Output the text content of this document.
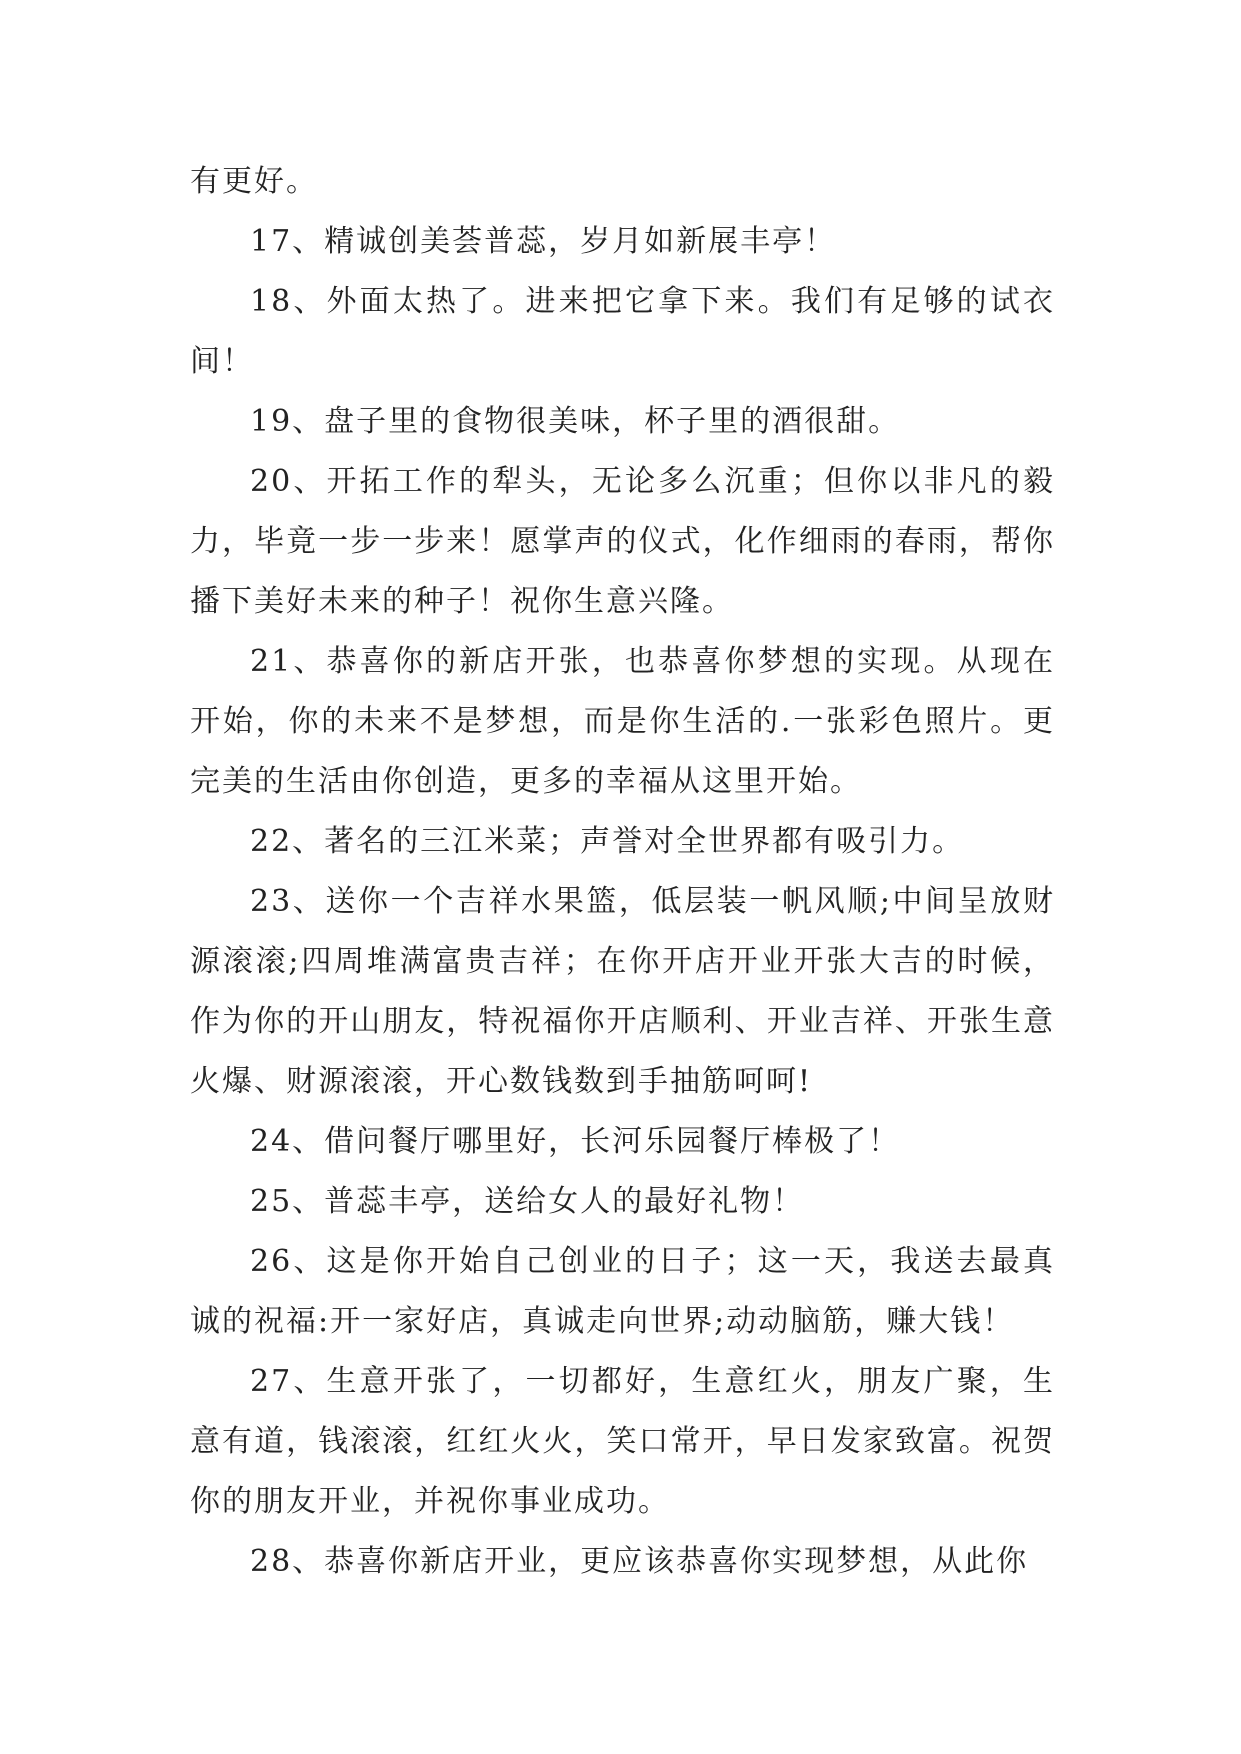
有更好。

17、精诚创美荟普蕊，岁月如新展丰亭！

18、外面太热了。进来把它拿下来。我们有足够的试衣间！

19、盘子里的食物很美味，杯子里的酒很甜。

20、开拓工作的犁头，无论多么沉重；但你以非凡的毅力，毕竟一步一步来！愿掌声的仪式，化作细雨的春雨，帮你播下美好未来的种子！祝你生意兴隆。

21、恭喜你的新店开张，也恭喜你梦想的实现。从现在开始，你的未来不是梦想，而是你生活的.一张彩色照片。更完美的生活由你创造，更多的幸福从这里开始。

22、著名的三江米菜；声誉对全世界都有吸引力。

23、送你一个吉祥水果篮，低层装一帆风顺;中间呈放财源滚滚;四周堆满富贵吉祥；在你开店开业开张大吉的时候，作为你的开山朋友，特祝福你开店顺利、开业吉祥、开张生意火爆、财源滚滚，开心数钱数到手抽筋呵呵!

24、借问餐厅哪里好，长河乐园餐厅棒极了！

25、普蕊丰亭，送给女人的最好礼物！

26、这是你开始自己创业的日子；这一天，我送去最真诚的祝福:开一家好店，真诚走向世界;动动脑筋，赚大钱！

27、生意开张了，一切都好，生意红火，朋友广聚，生意有道，钱滚滚，红红火火，笑口常开，早日发家致富。祝贺你的朋友开业，并祝你事业成功。

28、恭喜你新店开业，更应该恭喜你实现梦想，从此你
